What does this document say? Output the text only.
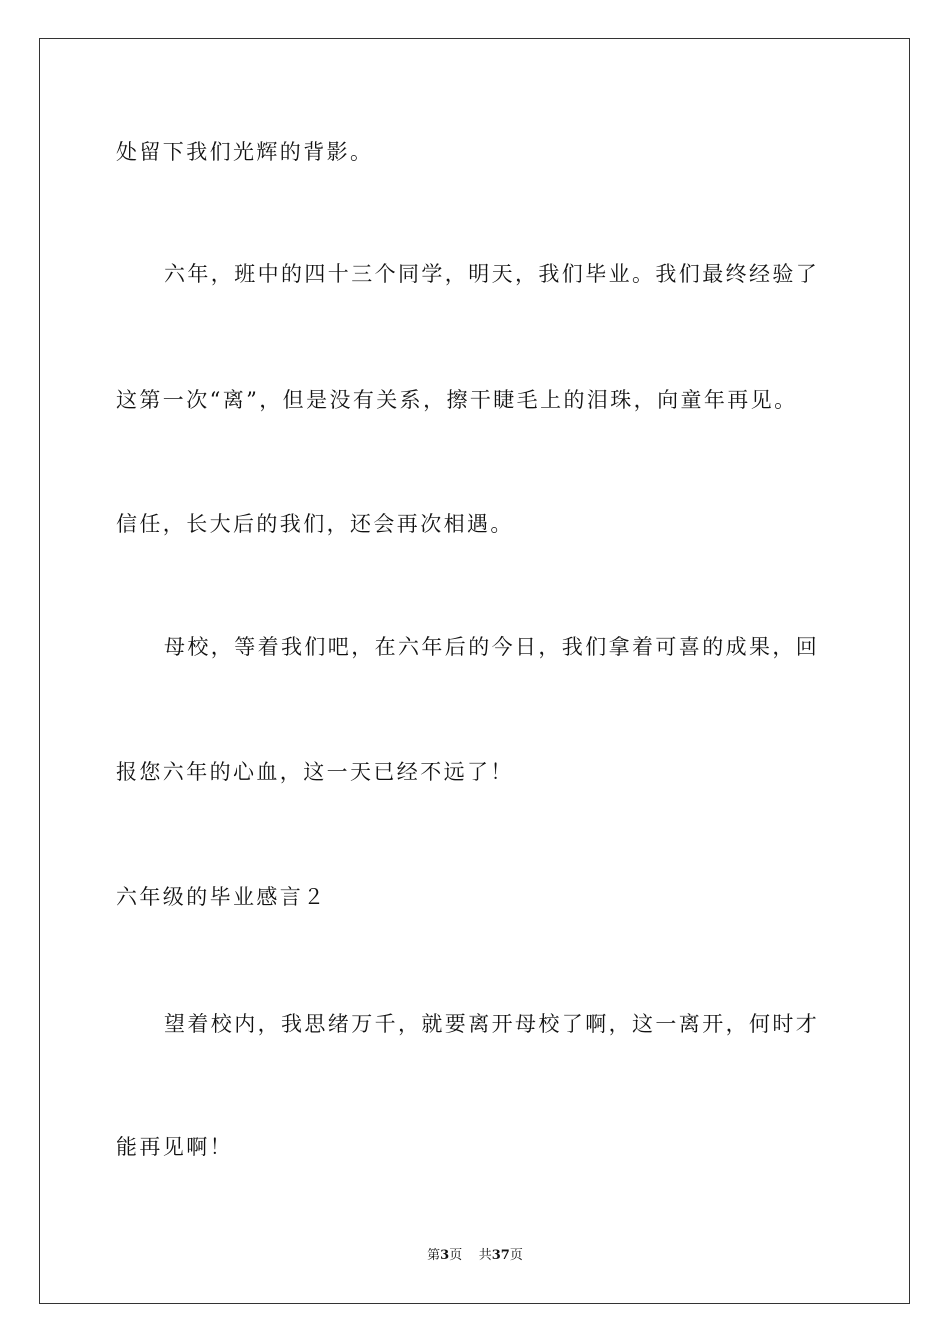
处留下我们光辉的背影。
六年，班中的四十三个同学，明天，我们毕业。我们最终经验了
这第一次“离”，但是没有关系，擦干睫毛上的泪珠，向童年再见。
信任，长大后的我们，还会再次相遇。
母校，等着我们吧，在六年后的今日，我们拿着可喜的成果，回
报您六年的心血，这一天已经不远了！
六年级的毕业感言２
望着校内，我思绪万千，就要离开母校了啊，这一离开，何时才
能再见啊！
第3页 共37页
